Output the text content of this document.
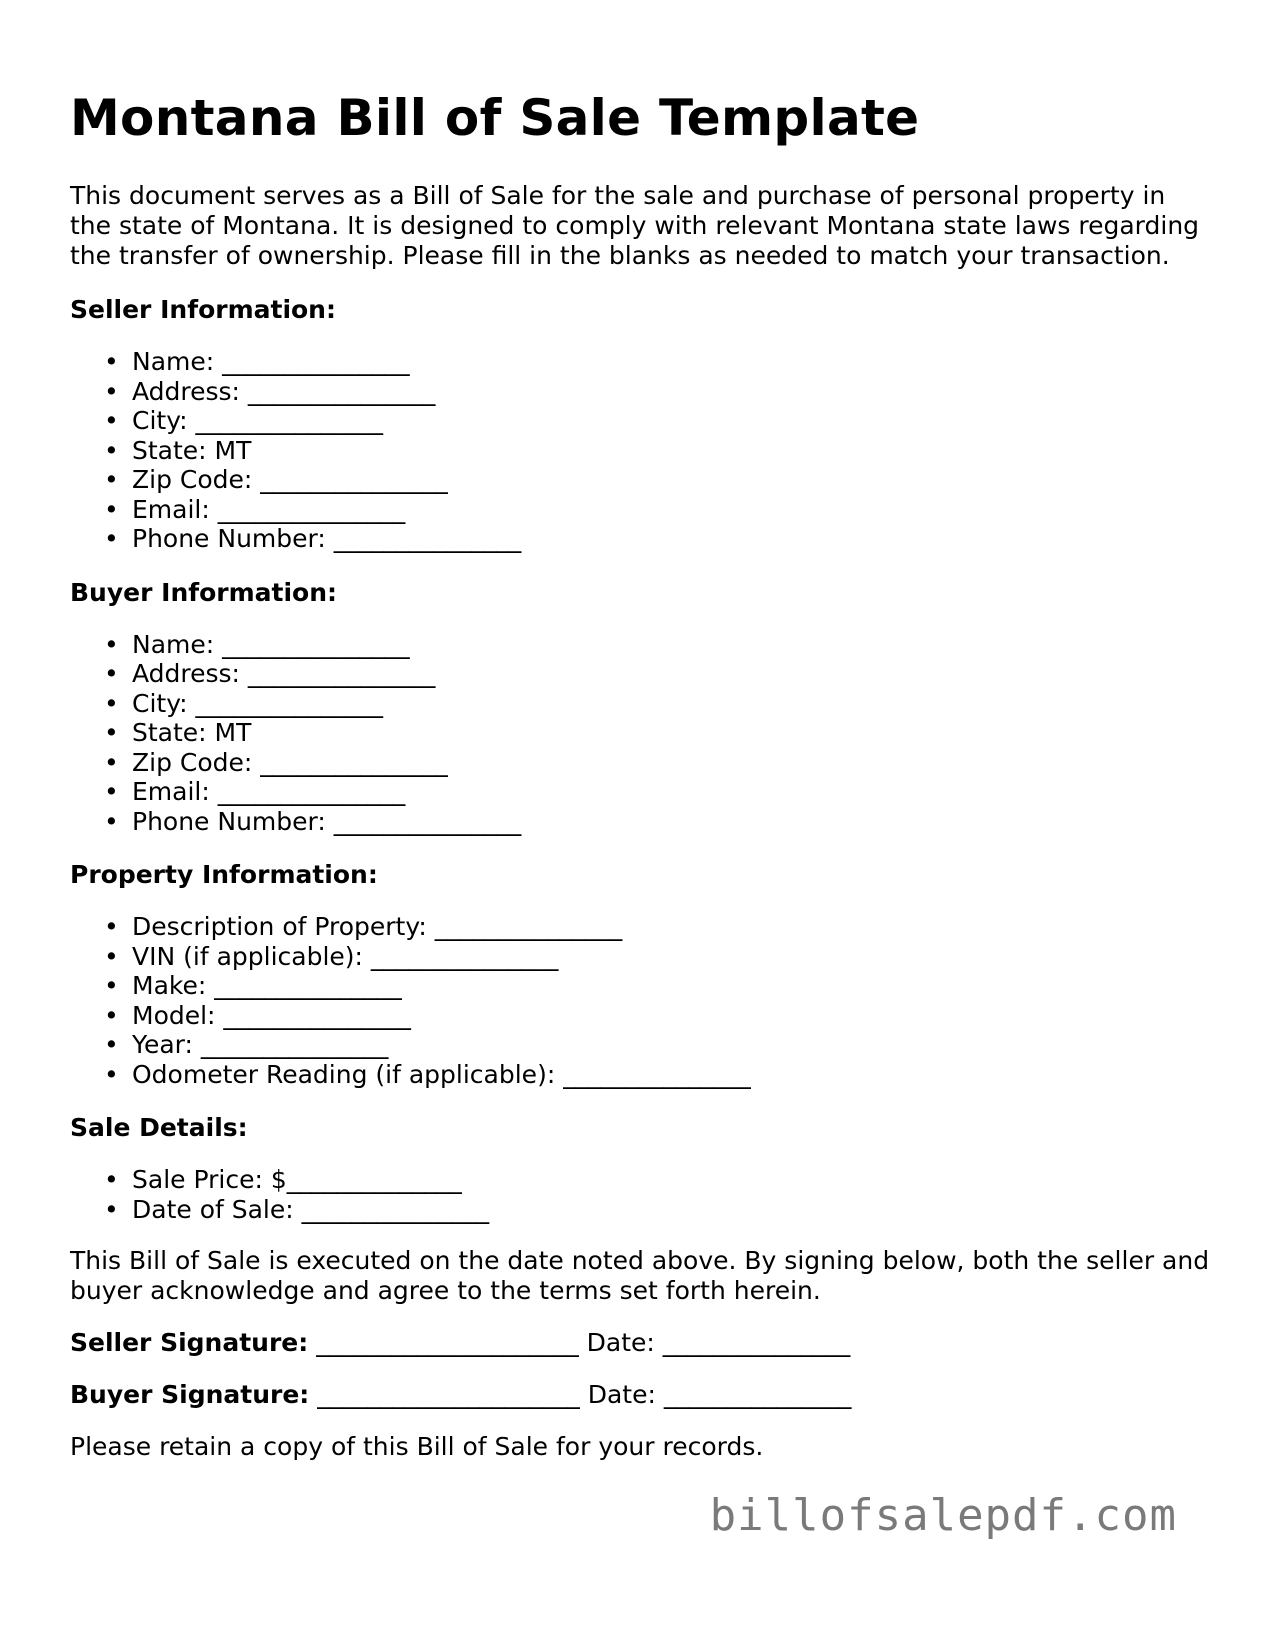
Montana Bill of Sale Template

This document serves as a Bill of Sale for the sale and purchase of personal property in the state of Montana. It is designed to comply with relevant Montana state laws regarding the transfer of ownership. Please fill in the blanks as needed to match your transaction.

Seller Information:
• Name: _______________
• Address: _______________
• City: _______________
• State: MT
• Zip Code: _______________
• Email: _______________
• Phone Number: _______________
Buyer Information:
• Name: _______________
• Address: _______________
• City: _______________
• State: MT
• Zip Code: _______________
• Email: _______________
• Phone Number: _______________
Property Information:
• Description of Property: _______________
• VIN (if applicable): _______________
• Make: _______________
• Model: _______________
• Year: _______________
• Odometer Reading (if applicable): _______________
Sale Details:
• Sale Price: $______________
• Date of Sale: _______________

This Bill of Sale is executed on the date noted above. By signing below, both the seller and buyer acknowledge and agree to the terms set forth herein.

Seller Signature: _____________________ Date: _______________

Buyer Signature: _____________________ Date: _______________

Please retain a copy of this Bill of Sale for your records.

billofsalepdf.com
